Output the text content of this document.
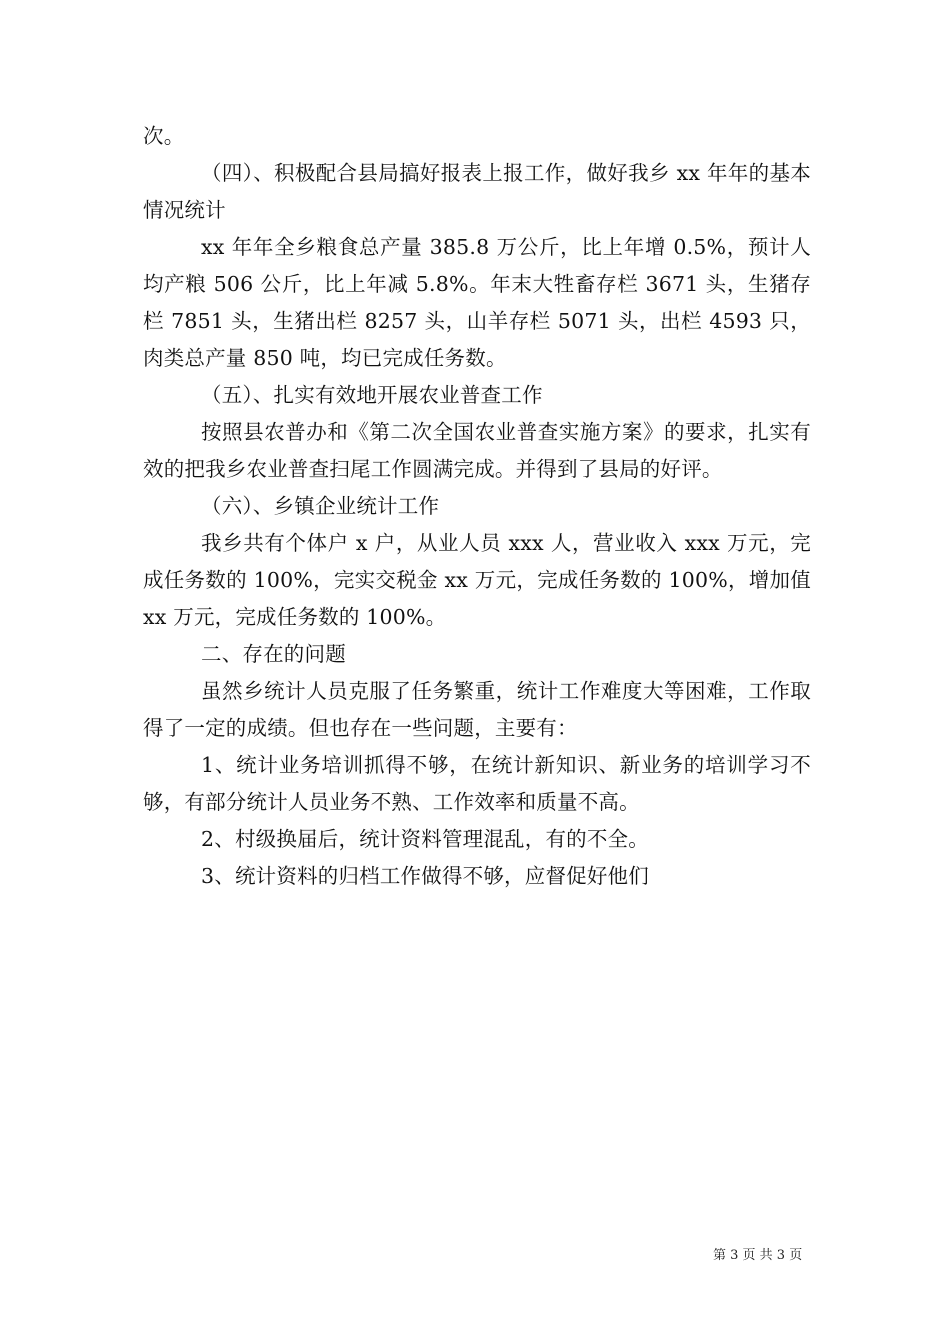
次。

（四）、积极配合县局搞好报表上报工作，做好我乡 xx 年年的基本情况统计

xx 年年全乡粮食总产量 385.8 万公斤，比上年增 0.5%，预计人均产粮 506 公斤，比上年减 5.8%。年末大牲畜存栏 3671 头，生猪存栏 7851 头，生猪出栏 8257 头，山羊存栏 5071 头，出栏 4593 只，肉类总产量 850 吨，均已完成任务数。

（五）、扎实有效地开展农业普查工作

按照县农普办和《第二次全国农业普查实施方案》的要求，扎实有效的把我乡农业普查扫尾工作圆满完成。并得到了县局的好评。

（六）、乡镇企业统计工作

我乡共有个体户 x 户，从业人员 xxx 人，营业收入 xxx 万元，完成任务数的 100%，完实交税金 xx 万元，完成任务数的 100%，增加值 xx 万元，完成任务数的 100%。

二、存在的问题

虽然乡统计人员克服了任务繁重，统计工作难度大等困难，工作取得了一定的成绩。但也存在一些问题，主要有：

1、统计业务培训抓得不够，在统计新知识、新业务的培训学习不够，有部分统计人员业务不熟、工作效率和质量不高。

2、村级换届后，统计资料管理混乱，有的不全。

3、统计资料的归档工作做得不够，应督促好他们

第 3 页 共 3 页
